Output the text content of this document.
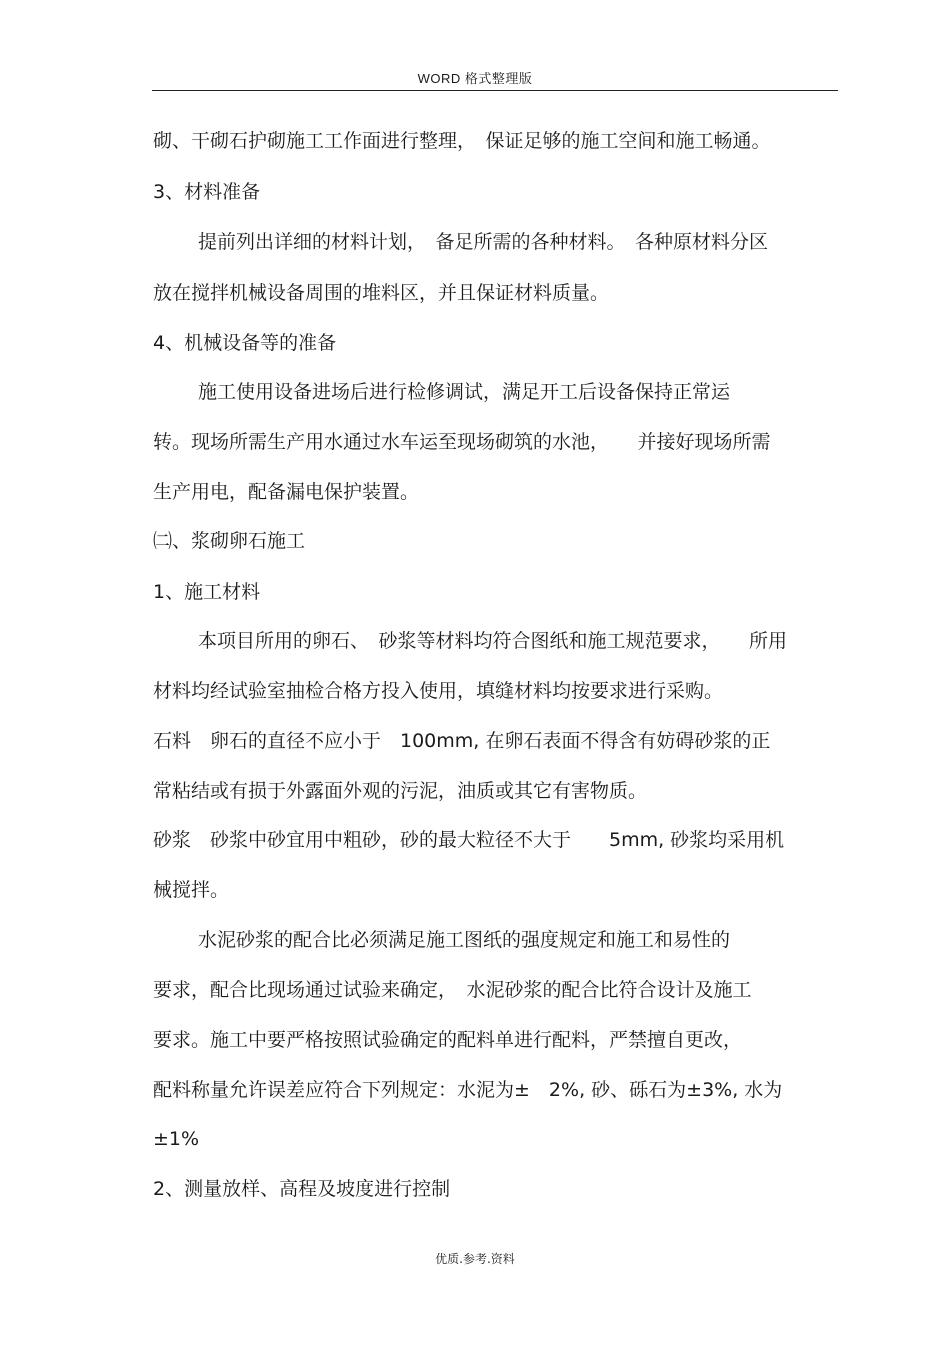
WORD 格式整理版
砌、干砌石护砌施工工作面进行整理，　保证足够的施工空间和施工畅通。
3、材料准备
提前列出详细的材料计划，　备足所需的各种材料。　各种原材料分区
放在搅拌机械设备周围的堆料区，并且保证材料质量。
4、机械设备等的准备
施工使用设备进场后进行检修调试，满足开工后设备保持正常运
转。现场所需生产用水通过水车运至现场砌筑的水池，　　并接好现场所需
生产用电，配备漏电保护装置。
㈡、浆砌卵石施工
1、施工材料
本项目所用的卵石、　砂浆等材料均符合图纸和施工规范要求，　　所用
材料均经试验室抽检合格方投入使用，填缝材料均按要求进行采购。
石料　卵石的直径不应小于　100mm, 在卵石表面不得含有妨碍砂浆的正
常粘结或有损于外露面外观的污泥，油质或其它有害物质。
砂浆　砂浆中砂宜用中粗砂，砂的最大粒径不大于　　5mm, 砂浆均采用机
械搅拌。
水泥砂浆的配合比必须满足施工图纸的强度规定和施工和易性的
要求，配合比现场通过试验来确定，　水泥砂浆的配合比符合设计及施工
要求。施工中要严格按照试验确定的配料单进行配料，严禁擅自更改，
配料称量允许误差应符合下列规定：水泥为±　2%, 砂、砾石为±3%, 水为
±1%
2、测量放样、高程及坡度进行控制
优质.参考.资料
